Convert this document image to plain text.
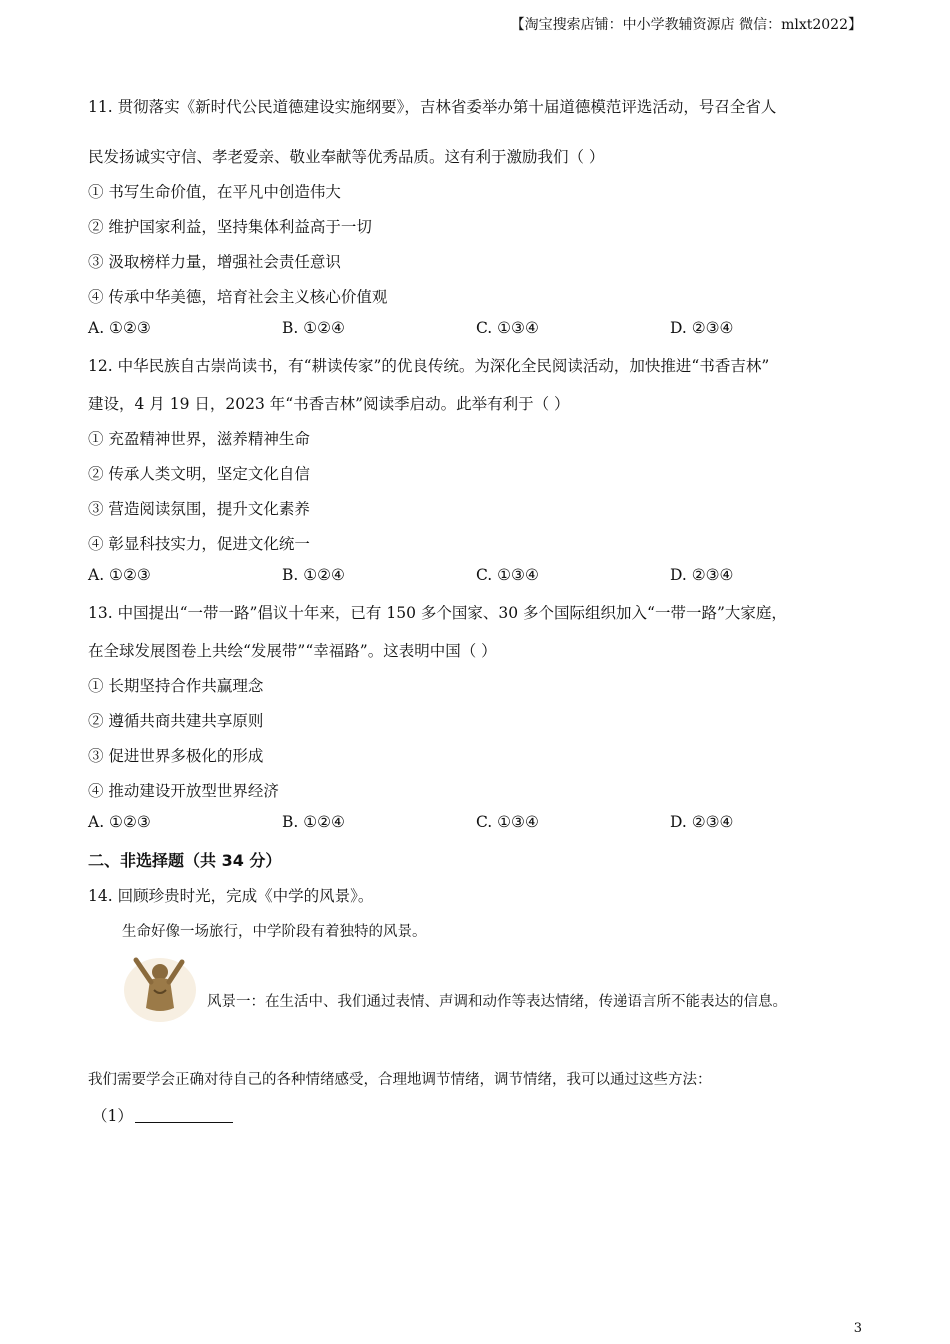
【淘宝搜索店铺：中小学教辅资源店 微信：mlxt2022】
11. 贯彻落实《新时代公民道德建设实施纲要》，吉林省委举办第十届道德模范评选活动，号召全省人
民发扬诚实守信、孝老爱亲、敬业奉献等优秀品质。这有利于激励我们（ ）
① 书写生命价值，在平凡中创造伟大
② 维护国家利益，坚持集体利益高于一切
③ 汲取榜样力量，增强社会责任意识
④ 传承中华美德，培育社会主义核心价值观
A. ①②③	B. ①②④	C. ①③④	D. ②③④
12. 中华民族自古崇尚读书，有“耕读传家”的优良传统。为深化全民阅读活动，加快推进“书香吉林”
建设，4 月 19 日，2023 年“书香吉林”阅读季启动。此举有利于（ ）
① 充盈精神世界，滋养精神生命
② 传承人类文明，坚定文化自信
③ 营造阅读氛围，提升文化素养
④ 彰显科技实力，促进文化统一
A. ①②③	B. ①②④	C. ①③④	D. ②③④
13. 中国提出“一带一路”倡议十年来，已有 150 多个国家、30 多个国际组织加入“一带一路”大家庭，
在全球发展图卷上共绘“发展带”“幸福路”。这表明中国（ ）
① 长期坚持合作共赢理念
② 遵循共商共建共享原则
③ 促进世界多极化的形成
④ 推动建设开放型世界经济
A. ①②③	B. ①②④	C. ①③④	D. ②③④
二、非选择题（共 34 分）
14. 回顾珍贵时光，完成《中学的风景》。
生命好像一场旅行，中学阶段有着独特的风景。
风景一：在生活中、我们通过表情、声调和动作等表达情绪，传递语言所不能表达的信息。
我们需要学会正确对待自己的各种情绪感受，合理地调节情绪，调节情绪，我可以通过这些方法：
（1）
3
